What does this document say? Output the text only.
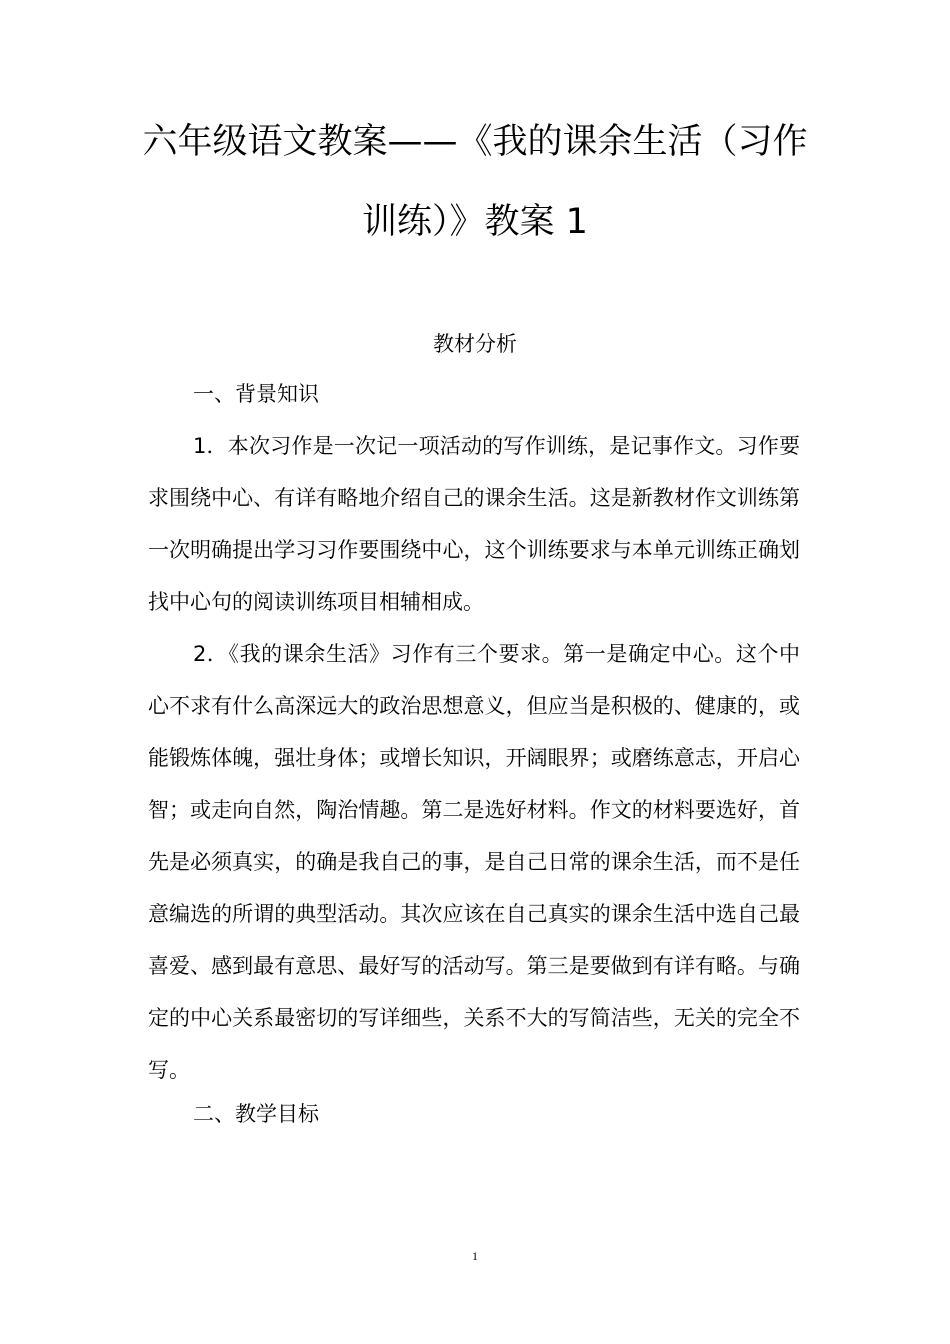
六年级语文教案——《我的课余生活（习作
训练）》教案 1
教材分析
一、背景知识

1．本次习作是一次记一项活动的写作训练，是记事作文。习作要求围绕中心、有详有略地介绍自己的课余生活。这是新教材作文训练第一次明确提出学习习作要围绕中心，这个训练要求与本单元训练正确划找中心句的阅读训练项目相辅相成。

2．《我的课余生活》习作有三个要求。第一是确定中心。这个中心不求有什么高深远大的政治思想意义，但应当是积极的、健康的，或能锻炼体魄，强壮身体；或增长知识，开阔眼界；或磨练意志，开启心智；或走向自然，陶治情趣。第二是选好材料。作文的材料要选好，首先是必须真实，的确是我自己的事，是自己日常的课余生活，而不是任意编选的所谓的典型活动。其次应该在自己真实的课余生活中选自己最喜爱、感到最有意思、最好写的活动写。第三是要做到有详有略。与确定的中心关系最密切的写详细些，关系不大的写简洁些，无关的完全不写。

二、教学目标
1
